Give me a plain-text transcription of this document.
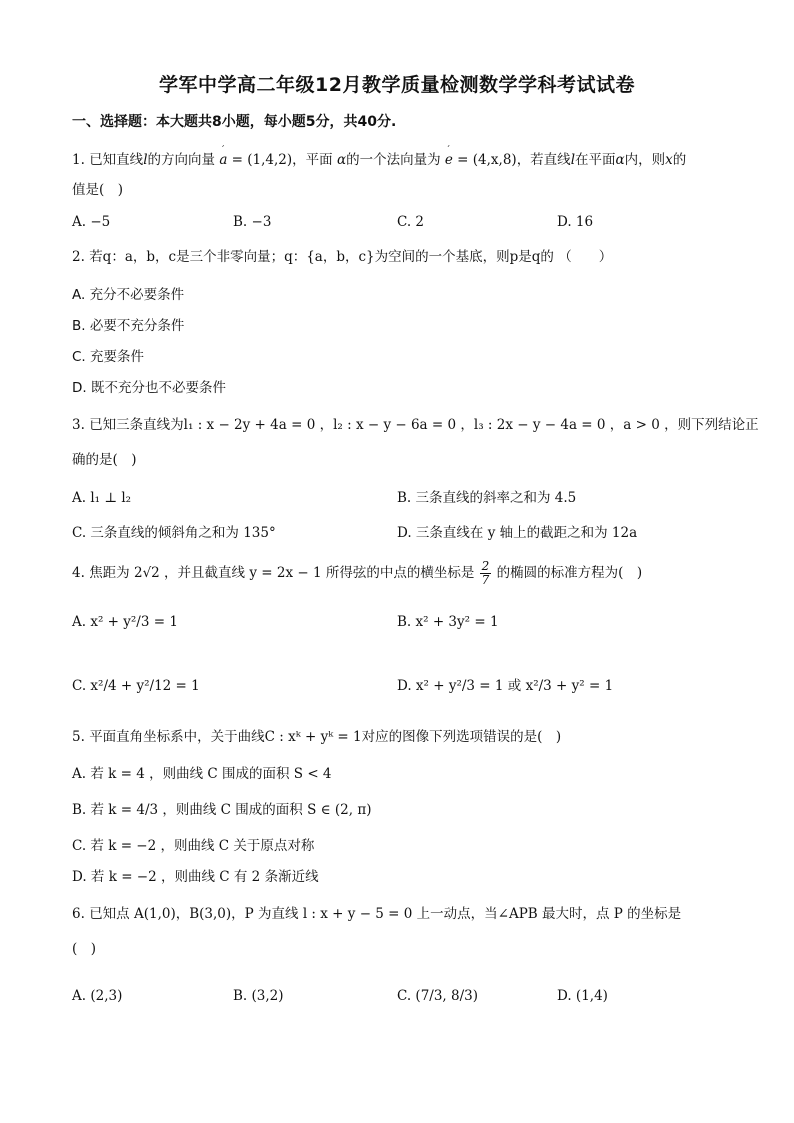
学军中学高二年级12月教学质量检测数学学科考试试卷
一、选择题：本大题共8小题，每小题5分，共40分.
1. 已知直线l的方向向量 ´ a = (1,4,2)，平面 α的一个法向量为 ´ e = (4,x,8)，若直线l在平面α内，则x的
值是(　)
A. −5	B. −3	C. 2	D. 16
2. 若q：a，b，c是三个非零向量；q：{a，b，c}为空间的一个基底，则p是q的 （　　）
A. 充分不必要条件
B. 必要不充分条件
C. 充要条件
D. 既不充分也不必要条件
3. 已知三条直线为l₁ : x − 2y + 4a = 0 ，l₂ : x − y − 6a = 0 ，l₃ : 2x − y − 4a = 0 ，a > 0 ，则下列结论正
确的是(　)
A. l₁ ⊥ l₂	B. 三条直线的斜率之和为 4.5
C. 三条直线的倾斜角之和为 135°	D. 三条直线在 y 轴上的截距之和为 12a
4. 焦距为 2√2 ，并且截直线 y = 2x − 1 所得弦的中点的横坐标是 $\frac{2}{7}$ 的椭圆的标准方程为(　)
A. x² + y²/3 = 1	B. x² + 3y² = 1
C. x²/4 + y²/12 = 1	D. x² + y²/3 = 1 或 x²/3 + y² = 1
5. 平面直角坐标系中，关于曲线C : xᵏ + yᵏ = 1对应的图像下列选项错误的是(　)
A. 若 k = 4 ，则曲线 C 围成的面积 S < 4
B. 若 k = 4/3 ，则曲线 C 围成的面积 S ∈ (2, π)
C. 若 k = −2 ，则曲线 C 关于原点对称
D. 若 k = −2 ，则曲线 C 有 2 条渐近线
6. 已知点 A(1,0)，B(3,0)，P 为直线 l : x + y − 5 = 0 上一动点，当∠APB 最大时，点 P 的坐标是
(　)
A. (2,3)	B. (3,2)	C. (7/3, 8/3)	D. (1,4)
